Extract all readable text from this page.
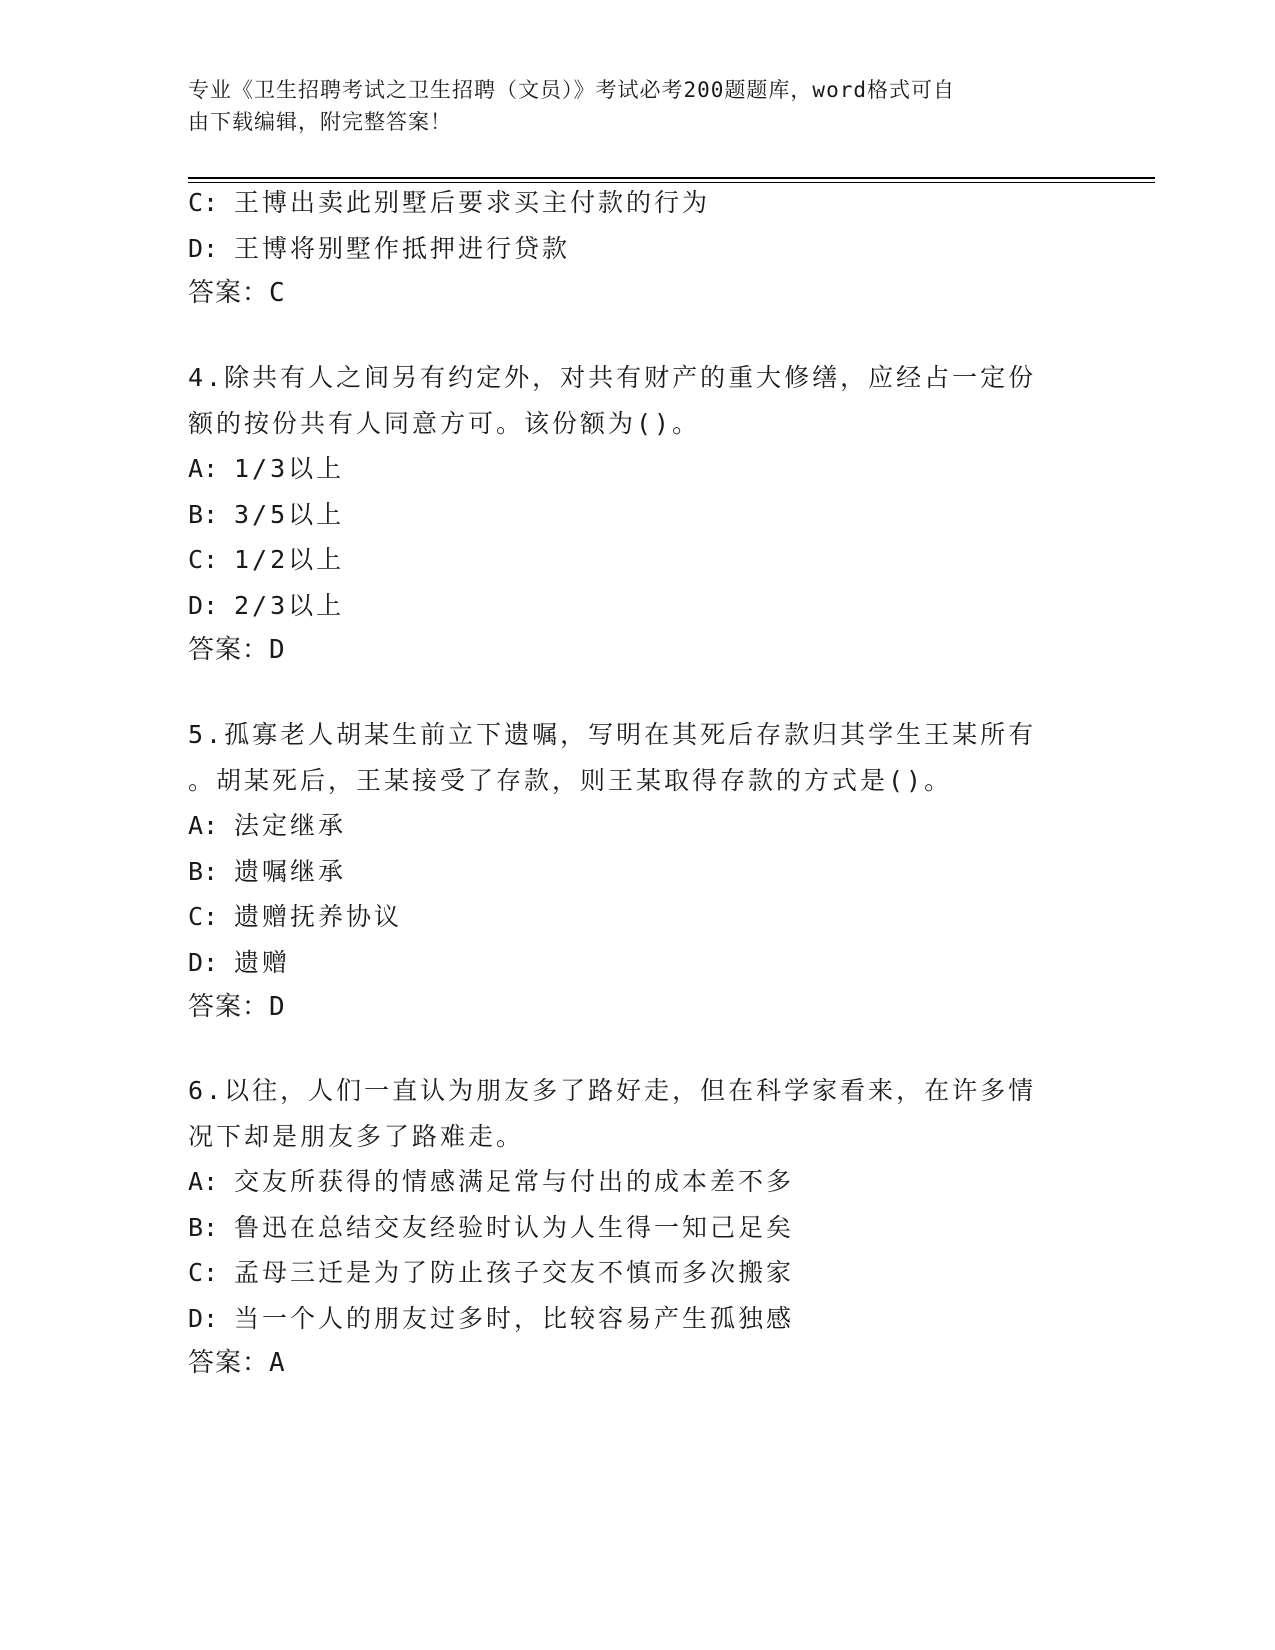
专业《卫生招聘考试之卫生招聘（文员）》考试必考200题题库，word格式可自
由下载编辑，附完整答案！
C: 王博出卖此别墅后要求买主付款的行为
D: 王博将别墅作抵押进行贷款
答案：C
4.除共有人之间另有约定外，对共有财产的重大修缮，应经占一定份
额的按份共有人同意方可。该份额为()。
A: 1/3以上
B: 3/5以上
C: 1/2以上
D: 2/3以上
答案：D
5.孤寡老人胡某生前立下遗嘱，写明在其死后存款归其学生王某所有
。胡某死后，王某接受了存款，则王某取得存款的方式是()。
A: 法定继承
B: 遗嘱继承
C: 遗赠抚养协议
D: 遗赠
答案：D
6.以往，人们一直认为朋友多了路好走，但在科学家看来，在许多情
况下却是朋友多了路难走。
A: 交友所获得的情感满足常与付出的成本差不多
B: 鲁迅在总结交友经验时认为人生得一知己足矣
C: 孟母三迁是为了防止孩子交友不慎而多次搬家
D: 当一个人的朋友过多时，比较容易产生孤独感
答案：A
